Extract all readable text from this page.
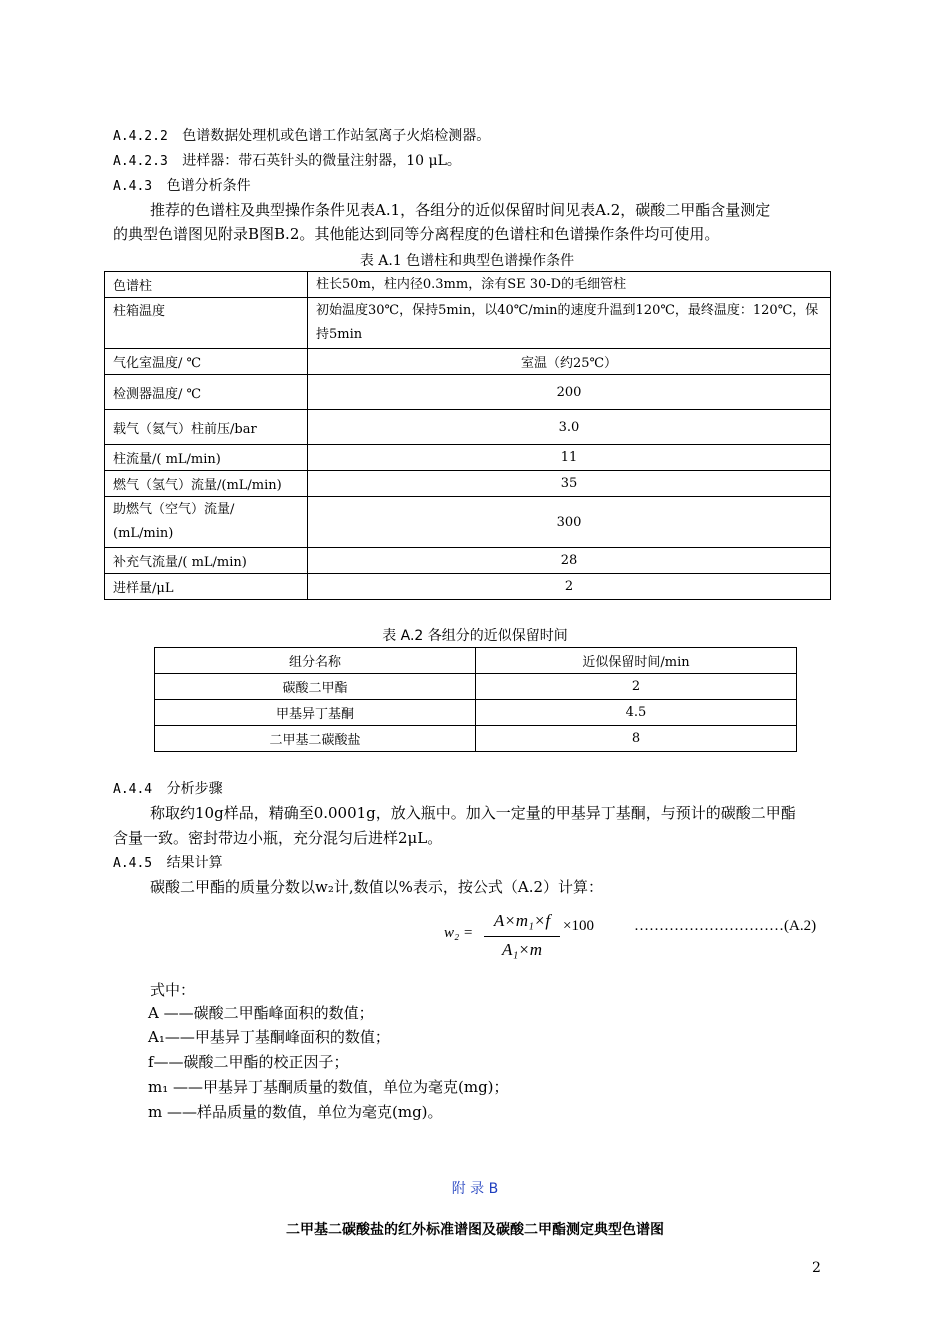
A.4.2.2 色谱数据处理机或色谱工作站氢离子火焰检测器。
A.4.2.3 进样器：带石英针头的微量注射器，10 μL。
A.4.3 色谱分析条件
推荐的色谱柱及典型操作条件见表A.1，各组分的近似保留时间见表A.2，碳酸二甲酯含量测定
的典型色谱图见附录B图B.2。其他能达到同等分离程度的色谱柱和色谱操作条件均可使用。
表 A.1 色谱柱和典型色谱操作条件
色谱柱	柱长50m，柱内径0.3mm，涂有SE 30-D的毛细管柱
柱箱温度	初始温度30℃，保持5min，以40℃/min的速度升温到120℃，最终温度：120℃，保
持5min

气化室温度/ ℃	室温（约25℃）
检测器温度/ ℃	200
载气（氦气）柱前压/bar	3.0
柱流量/( mL/min)	11
燃气（氢气）流量/(mL/min)	35

助燃气（空气）流量/
(mL/min)	300
补充气流量/( mL/min)	28
进样量/μL	2
表 A.2 各组分的近似保留时间
组分名称	近似保留时间/min
碳酸二甲酯	2
甲基异丁基酮	4.5
二甲基二碳酸盐	8
A.4.4 分析步骤
称取约10g样品，精确至0.0001g，放入瓶中。加入一定量的甲基异丁基酮，与预计的碳酸二甲酯
含量一致。密封带边小瓶，充分混匀后进样2μL。
A.4.5 结果计算
碳酸二甲酯的质量分数以w₂计,数值以%表示，按公式（A.2）计算：
w₂ =
A×m₁×f
A₁×m
×100	…………………………(A.2)
式中：
A ——碳酸二甲酯峰面积的数值；
A₁——甲基异丁基酮峰面积的数值；
f——碳酸二甲酯的校正因子；
m₁ ——甲基异丁基酮质量的数值，单位为毫克(mg)；
m ——样品质量的数值，单位为毫克(mg)。
附 录 B
二甲基二碳酸盐的红外标准谱图及碳酸二甲酯测定典型色谱图
2
